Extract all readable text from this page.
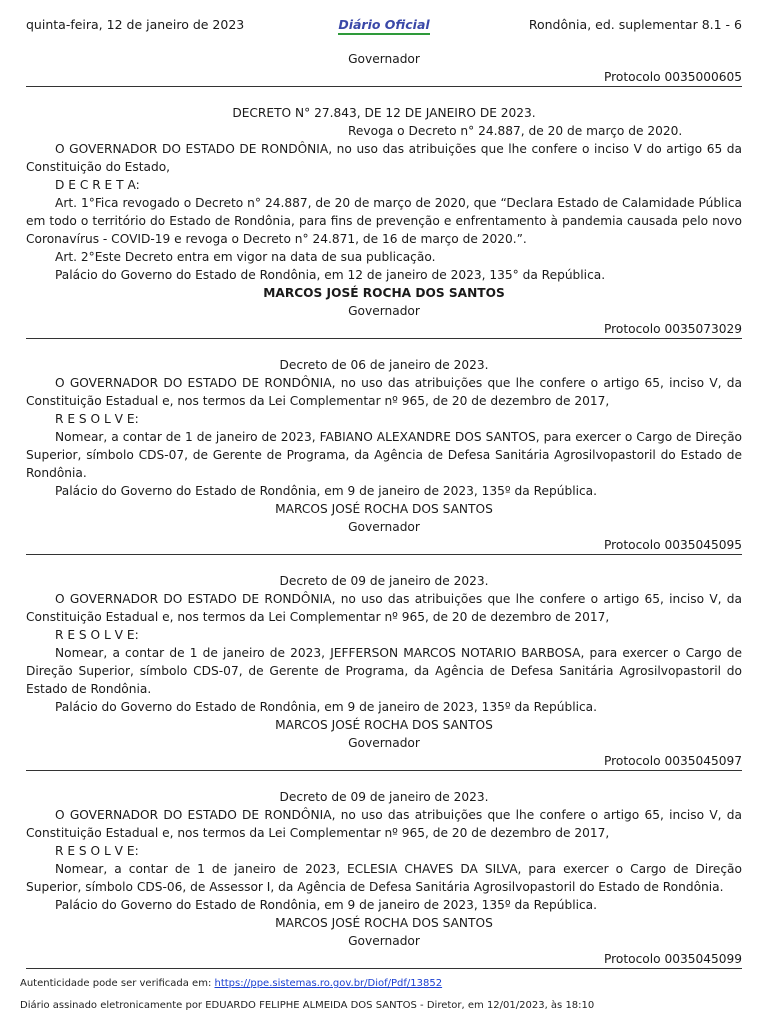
quinta-feira, 12 de janeiro de 2023	Diário Oficial	Rondônia, ed. suplementar 8.1 - 6
Governador
Protocolo 0035000605
DECRETO N° 27.843, DE 12 DE JANEIRO DE 2023.
Revoga o Decreto n° 24.887, de 20 de março de 2020.
O GOVERNADOR DO ESTADO DE RONDÔNIA, no uso das atribuições que lhe confere o inciso V do artigo 65 da Constituição do Estado,
D E C R E T A:
Art. 1°Fica revogado o Decreto n° 24.887, de 20 de março de 2020, que “Declara Estado de Calamidade Pública em todo o território do Estado de Rondônia, para fins de prevenção e enfrentamento à pandemia causada pelo novo Coronavírus - COVID-19 e revoga o Decreto n° 24.871, de 16 de março de 2020.”.
Art. 2°Este Decreto entra em vigor na data de sua publicação.
Palácio do Governo do Estado de Rondônia, em 12 de janeiro de 2023, 135° da República.
MARCOS JOSÉ ROCHA DOS SANTOS
Governador
Protocolo 0035073029
Decreto de 06 de janeiro de 2023.
O GOVERNADOR DO ESTADO DE RONDÔNIA, no uso das atribuições que lhe confere o artigo 65, inciso V, da Constituição Estadual e, nos termos da Lei Complementar nº 965, de 20 de dezembro de 2017,
R E S O L V E:
Nomear, a contar de 1 de janeiro de 2023, FABIANO ALEXANDRE DOS SANTOS, para exercer o Cargo de Direção Superior, símbolo CDS-07, de Gerente de Programa, da Agência de Defesa Sanitária Agrosilvopastoril do Estado de Rondônia.
Palácio do Governo do Estado de Rondônia, em 9 de janeiro de 2023, 135º da República.
MARCOS JOSÉ ROCHA DOS SANTOS
Governador
Protocolo 0035045095
Decreto de 09 de janeiro de 2023.
O GOVERNADOR DO ESTADO DE RONDÔNIA, no uso das atribuições que lhe confere o artigo 65, inciso V, da Constituição Estadual e, nos termos da Lei Complementar nº 965, de 20 de dezembro de 2017,
R E S O L V E:
Nomear, a contar de 1 de janeiro de 2023, JEFFERSON MARCOS NOTARIO BARBOSA, para exercer o Cargo de Direção Superior, símbolo CDS-07, de Gerente de Programa, da Agência de Defesa Sanitária Agrosilvopastoril do Estado de Rondônia.
Palácio do Governo do Estado de Rondônia, em 9 de janeiro de 2023, 135º da República.
MARCOS JOSÉ ROCHA DOS SANTOS
Governador
Protocolo 0035045097
Decreto de 09 de janeiro de 2023.
O GOVERNADOR DO ESTADO DE RONDÔNIA, no uso das atribuições que lhe confere o artigo 65, inciso V, da Constituição Estadual e, nos termos da Lei Complementar nº 965, de 20 de dezembro de 2017,
R E S O L V E:
Nomear, a contar de 1 de janeiro de 2023, ECLESIA CHAVES DA SILVA, para exercer o Cargo de Direção Superior, símbolo CDS-06, de Assessor I, da Agência de Defesa Sanitária Agrosilvopastoril do Estado de Rondônia.
Palácio do Governo do Estado de Rondônia, em 9 de janeiro de 2023, 135º da República.
MARCOS JOSÉ ROCHA DOS SANTOS
Governador
Protocolo 0035045099
Autenticidade pode ser verificada em: https://ppe.sistemas.ro.gov.br/Diof/Pdf/13852
Diário assinado eletronicamente por EDUARDO FELIPHE ALMEIDA DOS SANTOS - Diretor, em 12/01/2023, às 18:10
